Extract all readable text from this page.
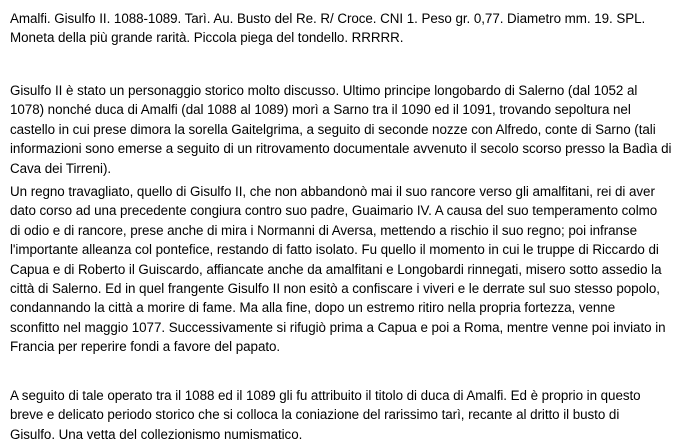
Amalfi. Gisulfo II. 1088-1089. Tarì. Au. Busto del Re. R/ Croce. CNI 1. Peso gr. 0,77. Diametro mm. 19. SPL.
Moneta della più grande rarità. Piccola piega del tondello. RRRRR.

Gisulfo II è stato un personaggio storico molto discusso. Ultimo principe longobardo di Salerno (dal 1052 al
1078) nonché duca di Amalfi (dal 1088 al 1089) morì a Sarno tra il 1090 ed il 1091, trovando sepoltura nel
castello in cui prese dimora la sorella Gaitelgrima, a seguito di seconde nozze con Alfredo, conte di Sarno (tali
informazioni sono emerse a seguito di un ritrovamento documentale avvenuto il secolo scorso presso la Badìa di
Cava dei Tirreni).

Un regno travagliato, quello di Gisulfo II, che non abbandonò mai il suo rancore verso gli amalfitani, rei di aver
dato corso ad una precedente congiura contro suo padre, Guaimario IV. A causa del suo temperamento colmo
di odio e di rancore, prese anche di mira i Normanni di Aversa, mettendo a rischio il suo regno; poi infranse
l'importante alleanza col pontefice, restando di fatto isolato. Fu quello il momento in cui le truppe di Riccardo di
Capua e di Roberto il Guiscardo, affiancate anche da amalfitani e Longobardi rinnegati, misero sotto assedio la
città di Salerno. Ed in quel frangente Gisulfo II non esitò a confiscare i viveri e le derrate sul suo stesso popolo,
condannando la città a morire di fame. Ma alla fine, dopo un estremo ritiro nella propria fortezza, venne
sconfitto nel maggio 1077. Successivamente si rifugiò prima a Capua e poi a Roma, mentre venne poi inviato in
Francia per reperire fondi a favore del papato.

A seguito di tale operato tra il 1088 ed il 1089 gli fu attribuito il titolo di duca di Amalfi. Ed è proprio in questo
breve e delicato periodo storico che si colloca la coniazione del rarissimo tarì, recante al dritto il busto di
Gisulfo. Una vetta del collezionismo numismatico.
